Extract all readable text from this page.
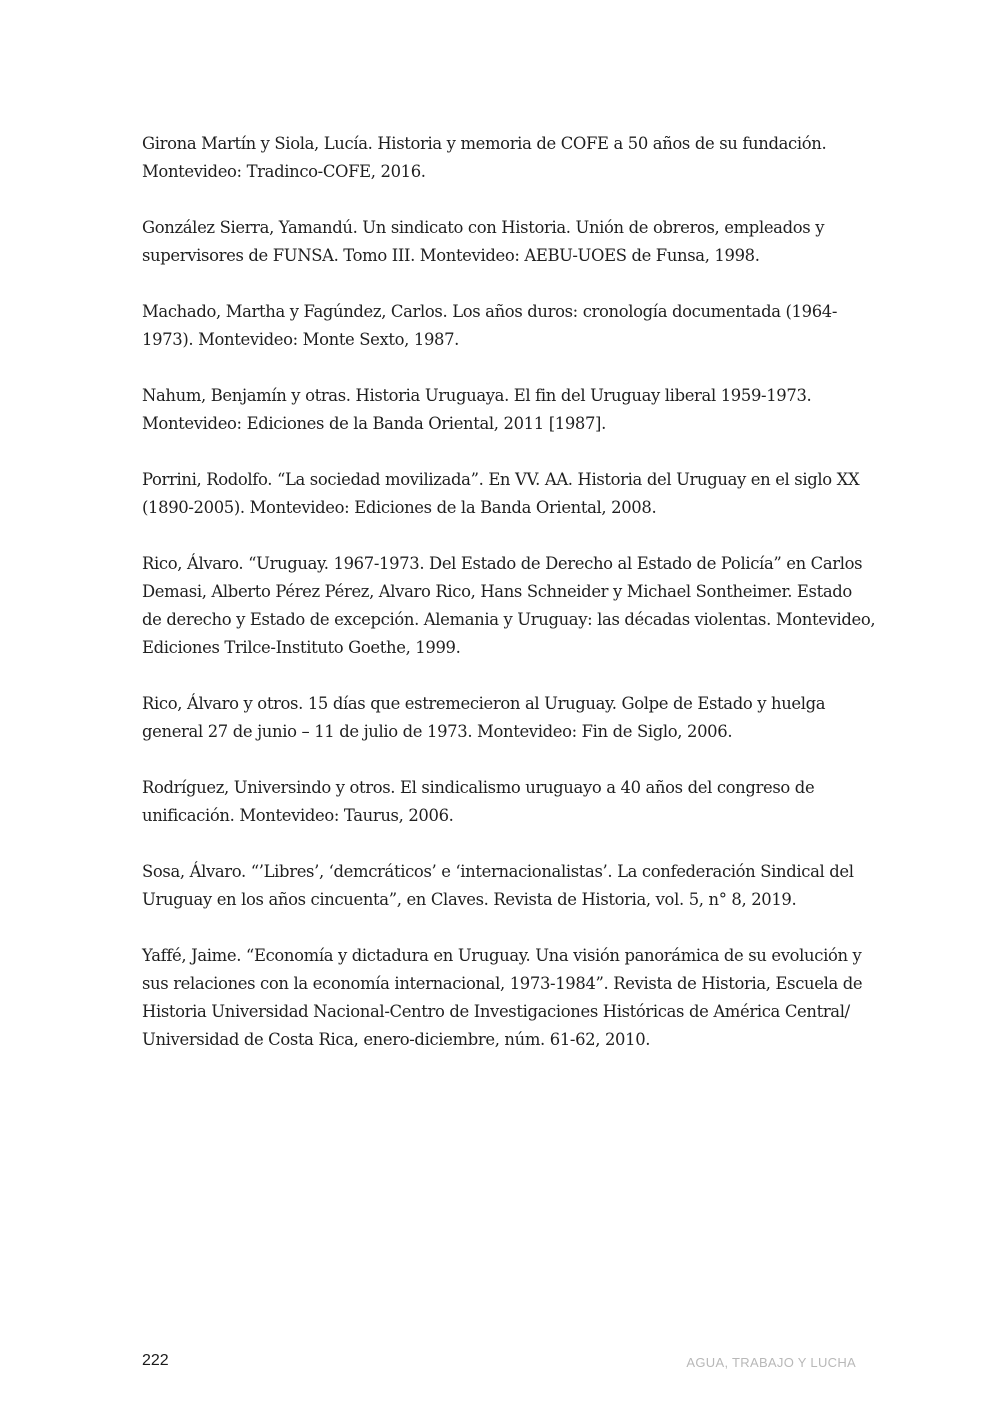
Girona Martín y Siola, Lucía. Historia y memoria de COFE a 50 años de su fundación.
Montevideo: Tradinco-COFE, 2016.
González Sierra, Yamandú. Un sindicato con Historia. Unión de obreros, empleados y
supervisores de FUNSA. Tomo III. Montevideo: AEBU-UOES de Funsa, 1998.
Machado, Martha y Fagúndez, Carlos. Los años duros: cronología documentada (1964-
1973). Montevideo: Monte Sexto, 1987.
Nahum, Benjamín y otras. Historia Uruguaya. El fin del Uruguay liberal 1959-1973.
Montevideo: Ediciones de la Banda Oriental, 2011 [1987].
Porrini, Rodolfo. “La sociedad movilizada”. En VV. AA. Historia del Uruguay en el siglo XX
(1890-2005). Montevideo: Ediciones de la Banda Oriental, 2008.
Rico, Álvaro. “Uruguay. 1967-1973. Del Estado de Derecho al Estado de Policía” en Carlos
Demasi, Alberto Pérez Pérez, Alvaro Rico, Hans Schneider y Michael Sontheimer. Estado
de derecho y Estado de excepción. Alemania y Uruguay: las décadas violentas. Montevideo,
Ediciones Trilce-Instituto Goethe, 1999.
Rico, Álvaro y otros. 15 días que estremecieron al Uruguay. Golpe de Estado y huelga
general 27 de junio – 11 de julio de 1973. Montevideo: Fin de Siglo, 2006.
Rodríguez, Universindo y otros. El sindicalismo uruguayo a 40 años del congreso de
unificación. Montevideo: Taurus, 2006.
Sosa, Álvaro. “’Libres’, ‘demcráticos’ e ‘internacionalistas’. La confederación Sindical del
Uruguay en los años cincuenta”, en Claves. Revista de Historia, vol. 5, n° 8, 2019.
Yaffé, Jaime. “Economía y dictadura en Uruguay. Una visión panorámica de su evolución y
sus relaciones con la economía internacional, 1973-1984”. Revista de Historia, Escuela de
Historia Universidad Nacional-Centro de Investigaciones Históricas de América Central/
Universidad de Costa Rica, enero-diciembre, núm. 61-62, 2010.
222	AGUA, TRABAJO Y LUCHA
